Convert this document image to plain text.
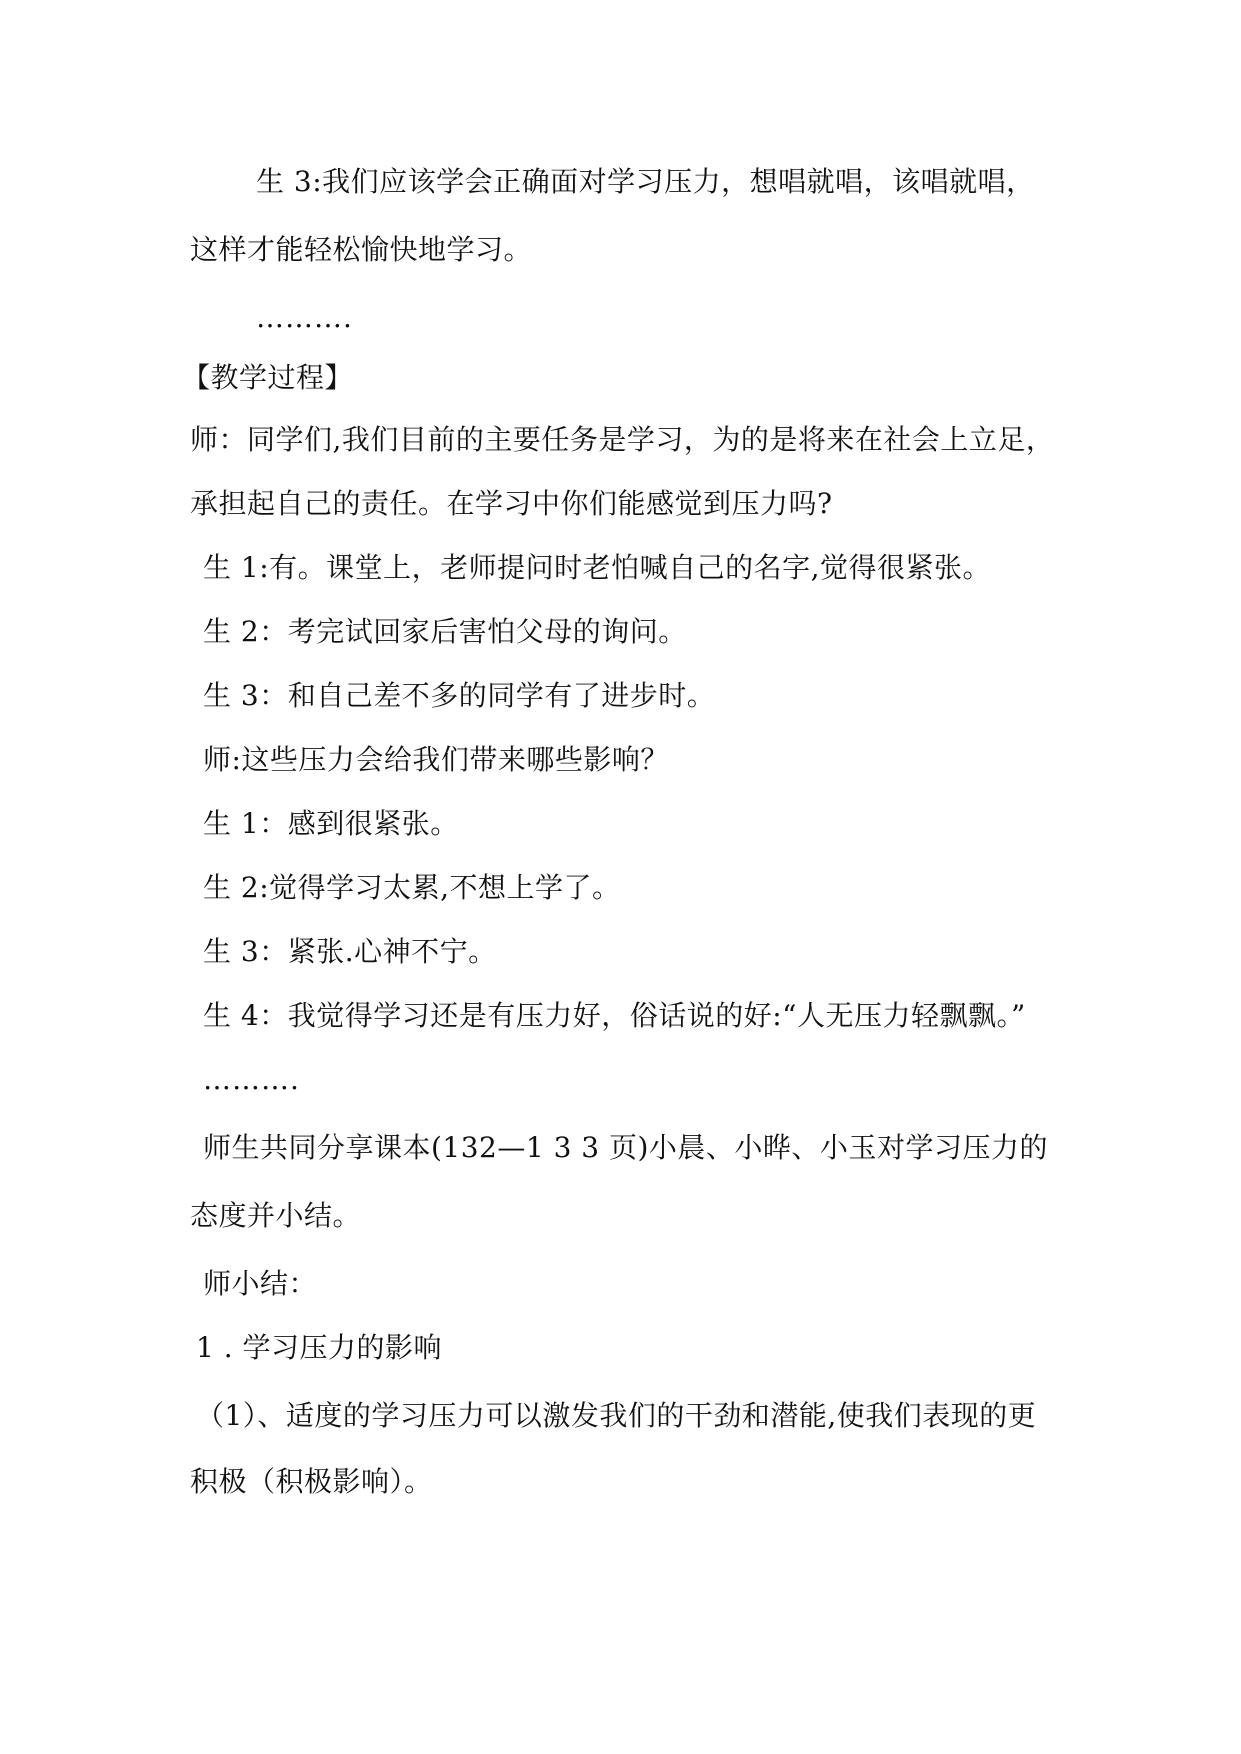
生 3:我们应该学会正确面对学习压力，想唱就唱，该唱就唱，
这样才能轻松愉快地学习。
……….
【教学过程】
师：同学们,我们目前的主要任务是学习，为的是将来在社会上立足，
承担起自己的责任。在学习中你们能感觉到压力吗?
生 1:有。课堂上，老师提问时老怕喊自己的名字,觉得很紧张。
生 2：考完试回家后害怕父母的询问。
生 3：和自己差不多的同学有了进步时。
师:这些压力会给我们带来哪些影响？
生 1：感到很紧张。
生 2:觉得学习太累,不想上学了。
生 3：紧张.心神不宁。
生 4：我觉得学习还是有压力好，俗话说的好:“人无压力轻飘飘。”
……….
师生共同分享课本(132—1 3 3 页)小晨、小晔、小玉对学习压力的
态度并小结。
师小结：
1 . 学习压力的影响
（1）、适度的学习压力可以激发我们的干劲和潜能,使我们表现的更
积极（积极影响）。
